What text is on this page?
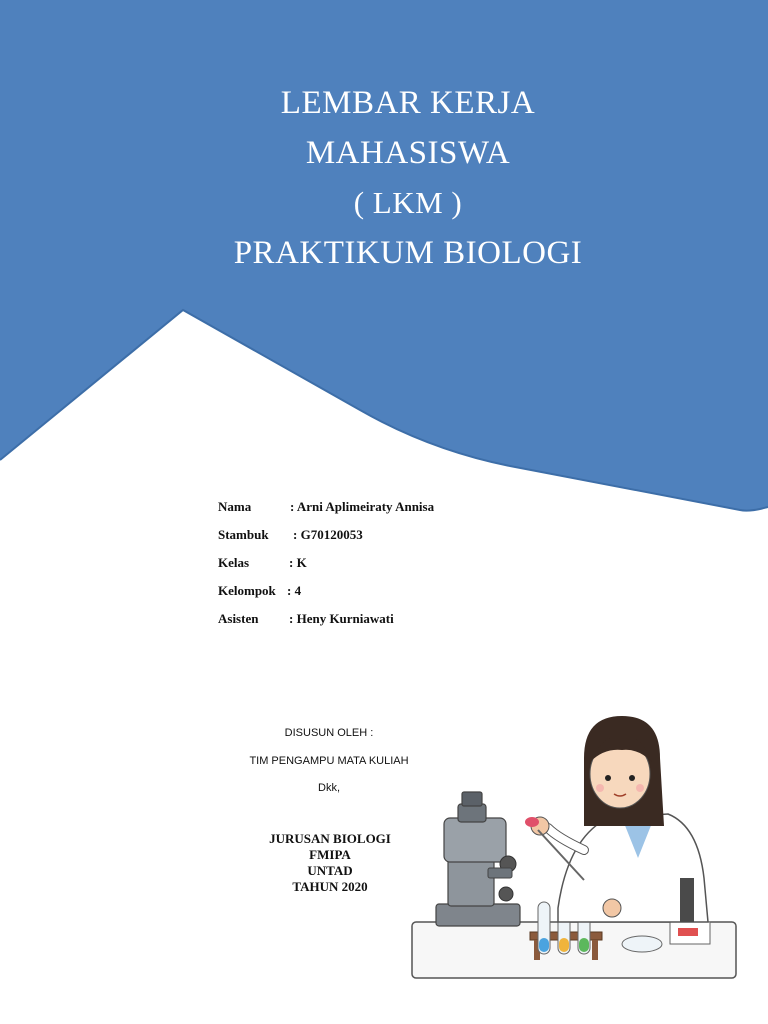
LEMBAR KERJA
MAHASISWA
( LKM )
PRAKTIKUM BIOLOGI
Nama	: Arni Aplimeiraty Annisa
Stambuk : G70120053
Kelas	: K
Kelompok : 4
Asisten : Heny Kurniawati
DISUSUN OLEH :
TIM PENGAMPU MATA KULIAH
Dkk,
JURUSAN BIOLOGI
FMIPA
UNTAD
TAHUN 2020
